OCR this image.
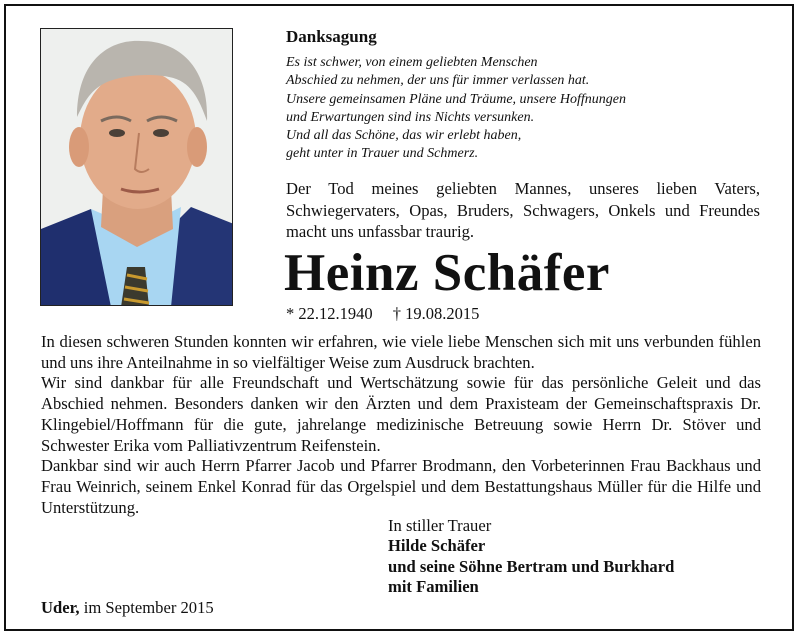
Danksagung
Es ist schwer, von einem geliebten Menschen
Abschied zu nehmen, der uns für immer verlassen hat.
Unsere gemeinsamen Pläne und Träume, unsere Hoffnungen
und Erwartungen sind ins Nichts versunken.
Und all das Schöne, das wir erlebt haben,
geht unter in Trauer und Schmerz.
Der Tod meines geliebten Mannes, unseres lieben Vaters, Schwiegervaters, Opas, Bruders, Schwagers, Onkels und Freundes macht uns unfassbar traurig.
Heinz Schäfer
* 22.12.1940 † 19.08.2015

In diesen schweren Stunden konnten wir erfahren, wie viele liebe Menschen sich mit uns verbunden fühlen und uns ihre Anteilnahme in so vielfältiger Weise zum Ausdruck brachten.

Wir sind dankbar für alle Freundschaft und Wertschätzung sowie für das persönliche Geleit und das Abschied nehmen. Besonders danken wir den Ärzten und dem Praxisteam der Gemeinschaftspraxis Dr. Klingebiel/Hoffmann für die gute, jahrelange medizinische Betreuung sowie Herrn Dr. Stöver und Schwester Erika vom Palliativzentrum Reifenstein.

Dankbar sind wir auch Herrn Pfarrer Jacob und Pfarrer Brodmann, den Vorbeterinnen Frau Backhaus und Frau Weinrich, seinem Enkel Konrad für das Orgelspiel und dem Bestattungshaus Müller für die Hilfe und Unterstützung.

In stiller Trauer
Hilde Schäfer
und seine Söhne Bertram und Burkhard
mit Familien
Uder, im September 2015
